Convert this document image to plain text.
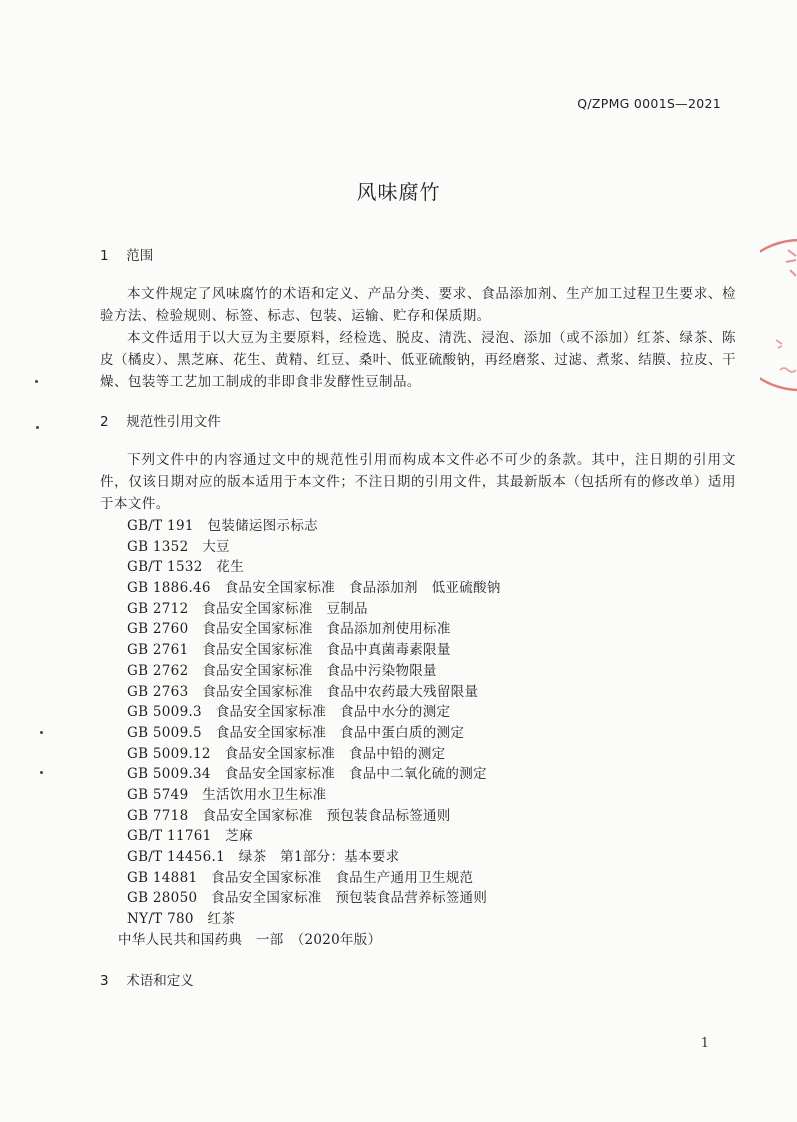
Q/ZPMG 0001S—2021
风味腐竹
1 范围
本文件规定了风味腐竹的术语和定义、产品分类、要求、食品添加剂、生产加工过程卫生要求、检验方法、检验规则、标签、标志、包装、运输、贮存和保质期。
本文件适用于以大豆为主要原料，经检选、脱皮、清洗、浸泡、添加（或不添加）红茶、绿茶、陈皮（橘皮）、黑芝麻、花生、黄精、红豆、桑叶、低亚硫酸钠，再经磨浆、过滤、煮浆、结膜、拉皮、干燥、包装等工艺加工制成的非即食非发酵性豆制品。
2 规范性引用文件
下列文件中的内容通过文中的规范性引用而构成本文件必不可少的条款。其中，注日期的引用文件，仅该日期对应的版本适用于本文件；不注日期的引用文件，其最新版本（包括所有的修改单）适用于本文件。
GB/T 191　包装储运图示标志
GB 1352　大豆
GB/T 1532　花生
GB 1886.46　食品安全国家标准　食品添加剂　低亚硫酸钠
GB 2712　食品安全国家标准　豆制品
GB 2760　食品安全国家标准　食品添加剂使用标准
GB 2761　食品安全国家标准　食品中真菌毒素限量
GB 2762　食品安全国家标准　食品中污染物限量
GB 2763　食品安全国家标准　食品中农药最大残留限量
GB 5009.3　食品安全国家标准　食品中水分的测定
GB 5009.5　食品安全国家标准　食品中蛋白质的测定
GB 5009.12　食品安全国家标准　食品中铅的测定
GB 5009.34　食品安全国家标准　食品中二氧化硫的测定
GB 5749　生活饮用水卫生标准
GB 7718　食品安全国家标准　预包装食品标签通则
GB/T 11761　芝麻
GB/T 14456.1　绿茶　第1部分：基本要求
GB 14881　食品安全国家标准　食品生产通用卫生规范
GB 28050　食品安全国家标准　预包装食品营养标签通则
NY/T 780　红茶
中华人民共和国药典　一部　（2020年版）
3 术语和定义
1
